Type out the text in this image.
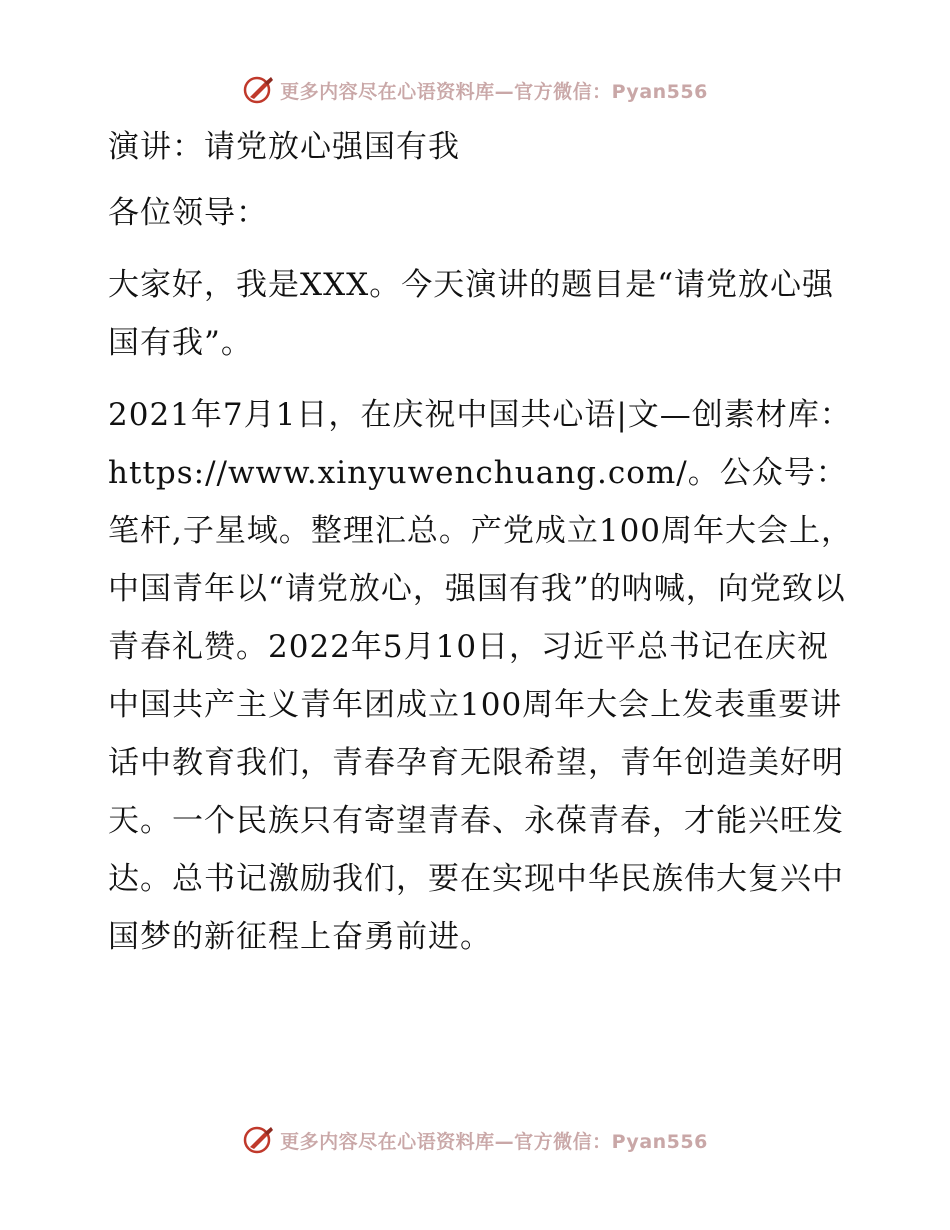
更多内容尽在心语资料库—官方微信：Pyan556

演讲：请党放心强国有我

各位领导：

大家好，我是XXX。今天演讲的题目是“请党放心强国有我”。

2021年7月1日，在庆祝中国共心语|文—创素材库：https://www.xinyuwenchuang.com/。公众号：笔杆,子星域。整理汇总。产党成立100周年大会上，中国青年以“请党放心，强国有我”的呐喊，向党致以青春礼赞。2022年5月10日，习近平总书记在庆祝中国共产主义青年团成立100周年大会上发表重要讲话中教育我们，青春孕育无限希望，青年创造美好明天。一个民族只有寄望青春、永葆青春，才能兴旺发达。总书记激励我们，要在实现中华民族伟大复兴中国梦的新征程上奋勇前进。

更多内容尽在心语资料库—官方微信：Pyan556
